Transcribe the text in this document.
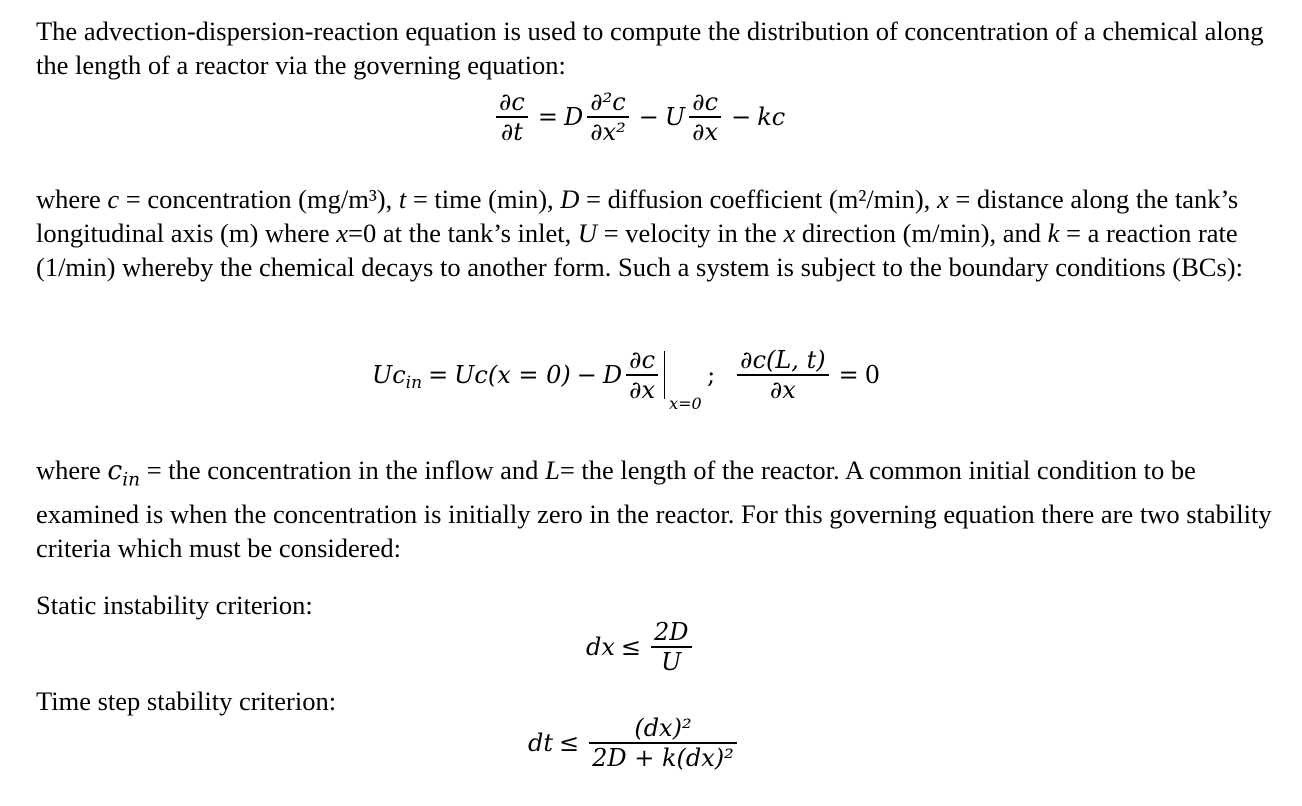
The advection-dispersion-reaction equation is used to compute the distribution of concentration of a chemical along the length of a reactor via the governing equation:

$\frac{\partial c}{\partial t} = D \frac{\text{∂²c}}{\text{∂x²}} - U \frac{\partial c}{\partial x}$ − kc

where c = concentration (mg/m³), t = time (min), D = diffusion coefficient (m²/min), x = distance along the tank’s longitudinal axis (m) where x=0 at the tank’s inlet, U = velocity in the x direction (m/min), and k = a reaction rate (1/min) whereby the chemical decays to another form. Such a system is subject to the boundary conditions (BCs):

$Uc_{in} = Uc(x = 0) - D \frac{\partial c}{\partial x} x=0$
; $\frac{\partial c(L, t)}{\partial x} = 0$

where $c_{in}$ = the concentration in the inflow and L= the length of the reactor. A common initial condition to be examined is when the concentration is initially zero in the reactor. For this governing equation there are two stability criteria which must be considered:

Static instability criterion:
dx ≤ $\frac{2D}{U}$
Time step stability criterion:
dt ≤ $\frac{\text{(dx)²}}{\text{2D + k(dx)²}}$
